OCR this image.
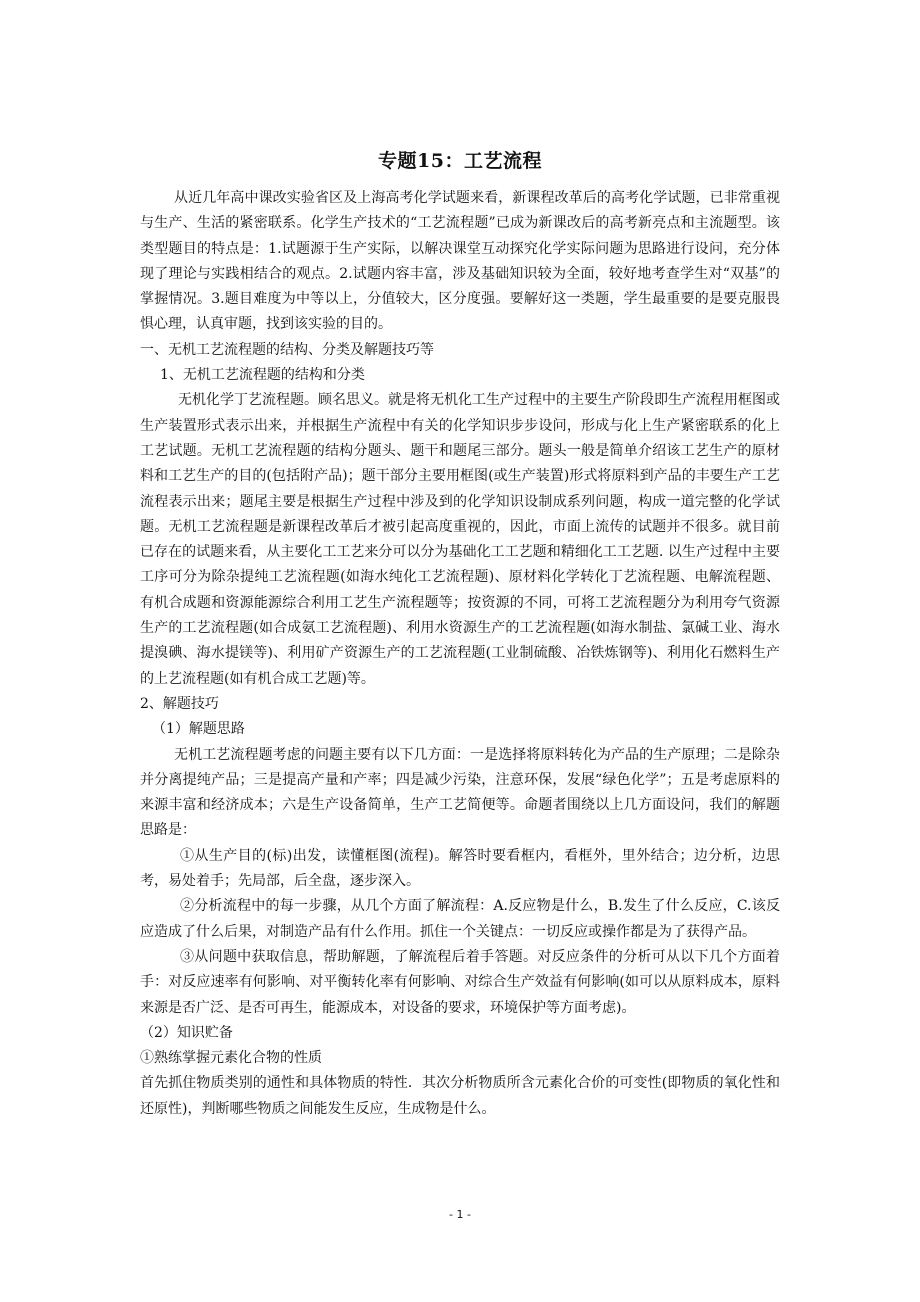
专题15：工艺流程

从近几年高中课改实验省区及上海高考化学试题来看，新课程改革后的高考化学试题，已非常重视与生产、生活的紧密联系。化学生产技术的“工艺流程题”已成为新课改后的高考新亮点和主流题型。该类型题目的特点是：1.试题源于生产实际，以解决课堂互动探究化学实际问题为思路进行设问，充分体现了理论与实践相结合的观点。2.试题内容丰富，涉及基础知识较为全面，较好地考查学生对“双基”的掌握情况。3.题目难度为中等以上，分值较大，区分度强。要解好这一类题，学生最重要的是要克服畏惧心理，认真审题，找到该实验的目的。

一、无机工艺流程题的结构、分类及解题技巧等

1、无机工艺流程题的结构和分类

无机化学丁艺流程题。顾名思义。就是将无机化工生产过程中的主要生产阶段即生产流程用框图或生产装置形式表示出来，并根据生产流程中有关的化学知识步步设问，形成与化上生产紧密联系的化上工艺试题。无机工艺流程题的结构分题头、题干和题尾三部分。题头一般是简单介绍该工艺生产的原材料和工艺生产的目的(包括附产品)；题干部分主要用框图(或生产装置)形式将原料到产品的丰要生产工艺流程表示出来；题尾主要是根据生产过程中涉及到的化学知识设制成系列问题，构成一道完整的化学试题。无机工艺流程题是新课程改革后才被引起高度重视的，因此，市面上流传的试题并不很多。就目前已存在的试题来看，从主要化工工艺来分可以分为基础化工工艺题和精细化工工艺题. 以生产过程中主要工序可分为除杂提纯工艺流程题(如海水纯化工艺流程题)、原材料化学转化丁艺流程题、电解流程题、有机合成题和资源能源综合利用工艺生产流程题等；按资源的不同，可将工艺流程题分为利用夸气资源生产的工艺流程题(如合成氨工艺流程题)、利用水资源生产的工艺流程题(如海水制盐、氯碱工业、海水提溴碘、海水提镁等)、利用矿产资源生产的工艺流程题(工业制硫酸、冶铁炼钢等)、利用化石燃料生产的上艺流程题(如有机合成工艺题)等。

2、解题技巧

（1）解题思路

无机工艺流程题考虑的问题主要有以下几方面：一是选择将原料转化为产品的生产原理；二是除杂并分离提纯产品；三是提高产量和产率；四是减少污染，注意环保，发展“绿色化学”；五是考虑原料的来源丰富和经济成本；六是生产设备简单，生产工艺简便等。命题者围绕以上几方面设问，我们的解题思路是：

①从生产目的(标)出发，读懂框图(流程)。解答时要看框内，看框外，里外结合；边分析，边思考，易处着手；先局部，后全盘，逐步深入。

②分析流程中的每一步骤，从几个方面了解流程：A.反应物是什么，B.发生了什么反应，C.该反应造成了什么后果，对制造产品有什么作用。抓住一个关键点：一切反应或操作都是为了获得产品。

③从问题中获取信息，帮助解题，了解流程后着手答题。对反应条件的分析可从以下几个方面着手：对反应速率有何影响、对平衡转化率有何影响、对综合生产效益有何影响(如可以从原料成本，原料来源是否广泛、是否可再生，能源成本，对设备的要求，环境保护等方面考虑)。

（2）知识贮备

①熟练掌握元素化合物的性质

首先抓住物质类别的通性和具体物质的特性．其次分析物质所含元素化合价的可变性(即物质的氧化性和还原性)，判断哪些物质之间能发生反应，生成物是什么。

- 1 -
